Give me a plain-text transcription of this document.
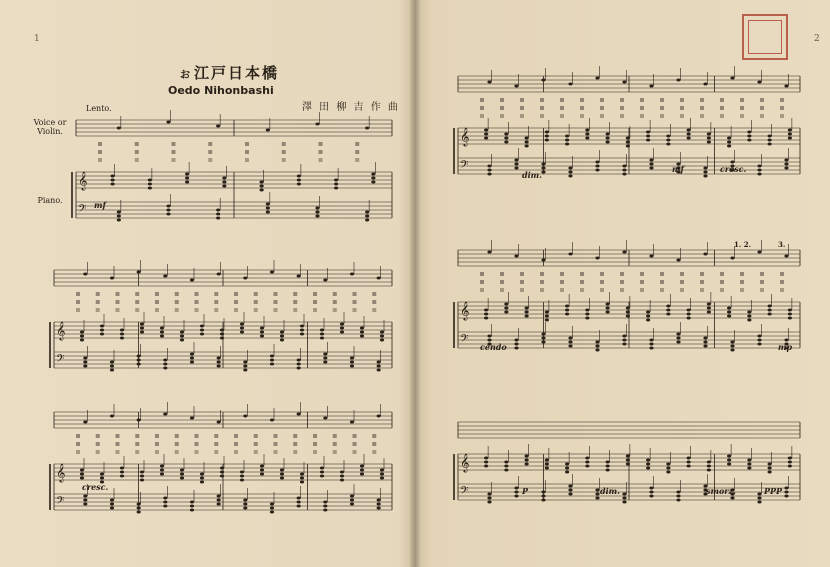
𝄞
𝄢
𝄞
𝄢
𝄞
𝄢
𝄞
𝄢
𝄞
𝄢
𝄞
𝄢
1
お 江戸日本橋
Oedo Nihonbashi
澤 田 柳 吉 作 曲
Lento.
Voice or Violin.
Piano.	mf
cresc.
2
dim.
mf	cresc.
cendo	mp
P	dim.	smorz.	PPP
1. 2.	3.
